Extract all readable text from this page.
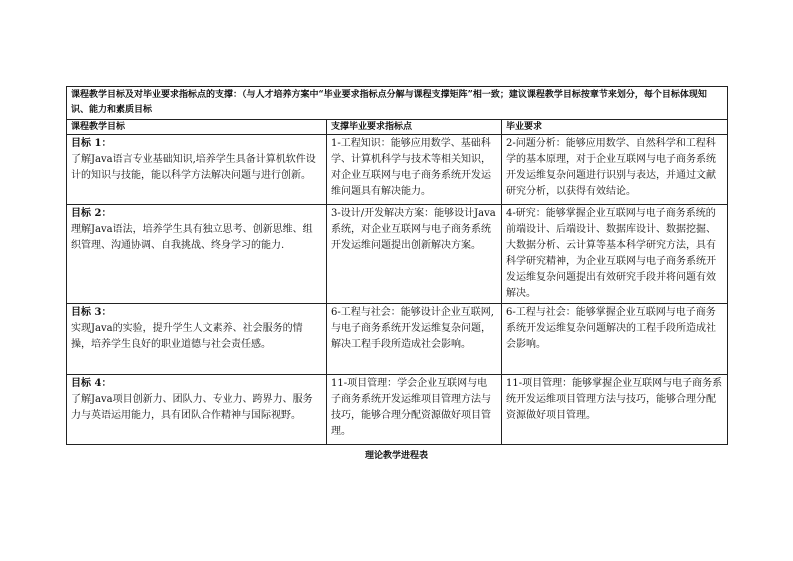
课程教学目标及对毕业要求指标点的支撑：（与人才培养方案中“毕业要求指标点分解与课程支撑矩阵”相一致；建议课程教学目标按章节来划分，每个目标体现知识、能力和素质目标		
课程教学目标	支撑毕业要求指标点	毕业要求

目标 1：
了解Java语言专业基础知识,培养学生具备计算机软件设计的知识与技能，能以科学方法解决问题与进行创新。	1-工程知识：能够应用数学、基础科学、计算机科学与技术等相关知识，对企业互联网与电子商务系统开发运维问题具有解决能力。	2-问题分析：能够应用数学、自然科学和工程科学的基本原理，对于企业互联网与电子商务系统开发运维复杂问题进行识别与表达，并通过文献研究分析，以获得有效结论。

目标 2：
理解Java语法，培养学生具有独立思考、创新思维、组织管理、沟通协调、自我挑战、终身学习的能力.	3-设计/开发解决方案：能够设计Java系统，对企业互联网与电子商务系统开发运维问题提出创新解决方案。	4-研究：能够掌握企业互联网与电子商务系统的前端设计、后端设计、数据库设计、数据挖掘、大数据分析、云计算等基本科学研究方法，具有科学研究精神，为企业互联网与电子商务系统开发运维复杂问题提出有效研究手段并将问题有效解决。

目标 3：
实现Java的实验，提升学生人文素养、社会服务的情操，培养学生良好的职业道德与社会责任感。	6-工程与社会：能够设计企业互联网,与电子商务系统开发运维复杂问题，解决工程手段所造成社会影响。	6-工程与社会：能够掌握企业互联网与电子商务系统开发运维复杂问题解决的工程手段所造成社会影响。

目标 4：
了解Java项目创新力、团队力、专业力、跨界力、服务力与英语运用能力，具有团队合作精神与国际视野。	11-项目管理：学会企业互联网与电子商务系统开发运维项目管理方法与技巧，能够合理分配资源做好项目管理。	11-项目管理：能够掌握企业互联网与电子商务系统开发运维项目管理方法与技巧，能够合理分配资源做好项目管理。
理论教学进程表
